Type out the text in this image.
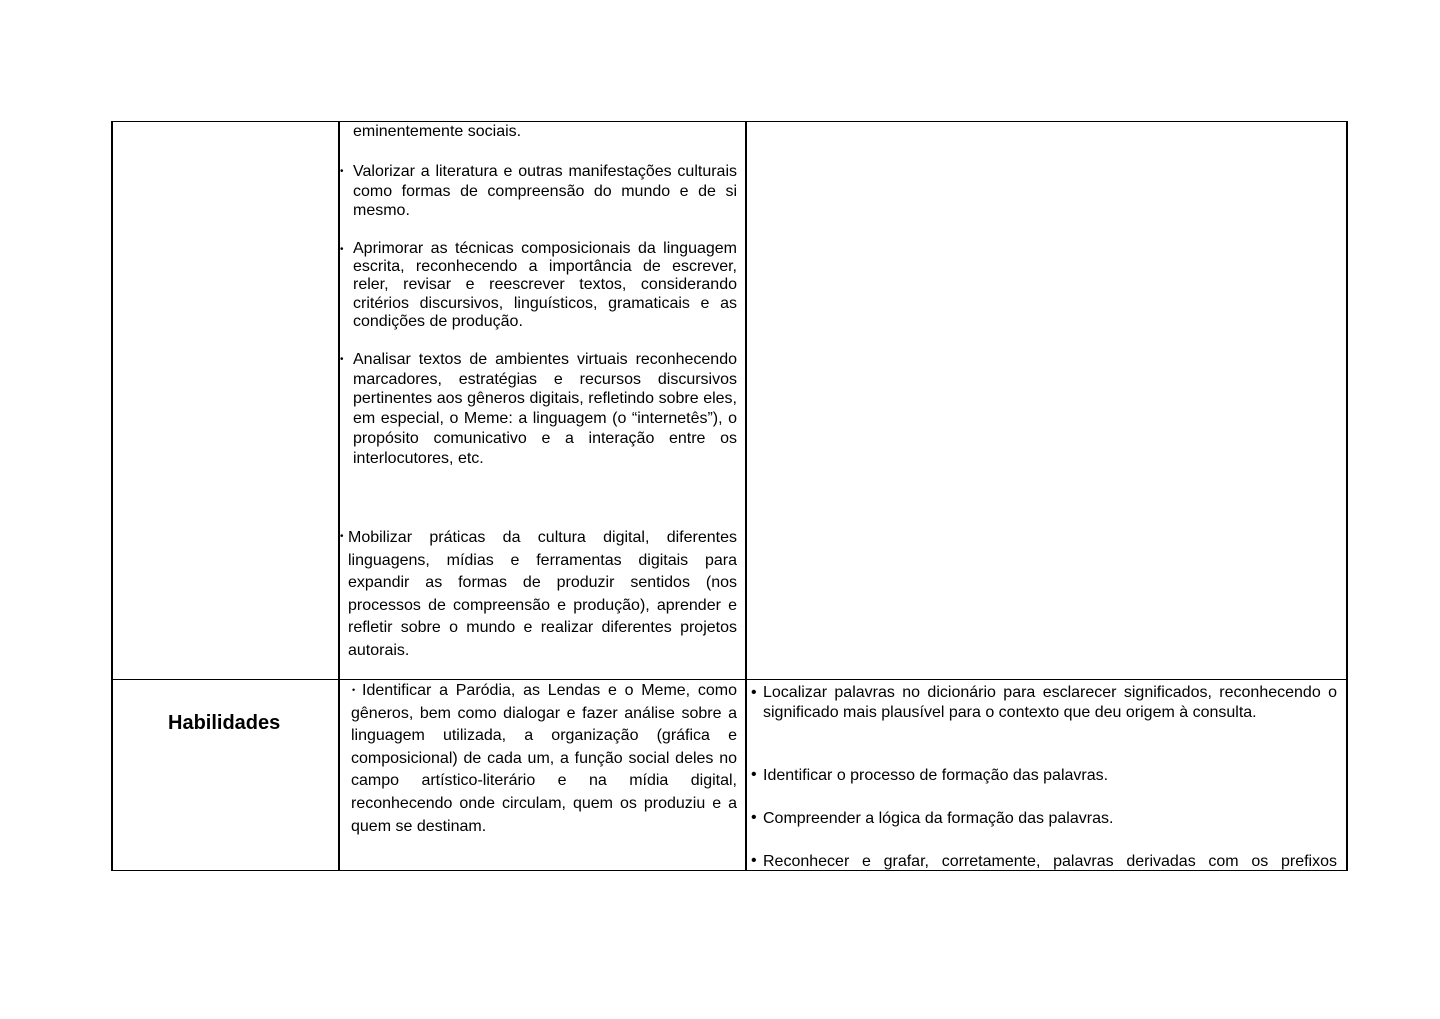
eminentemente sociais.
• Valorizar a literatura e outras manifestações culturais como formas de compreensão do mundo e de si mesmo.
• Aprimorar as técnicas composicionais da linguagem escrita, reconhecendo a importância de escrever, reler, revisar e reescrever textos, considerando critérios discursivos, linguísticos, gramaticais e as condições de produção.
• Analisar textos de ambientes virtuais reconhecendo marcadores, estratégias e recursos discursivos pertinentes aos gêneros digitais, refletindo sobre eles, em especial, o Meme: a linguagem (o “internetês”), o propósito comunicativo e a interação entre os interlocutores, etc.
• Mobilizar práticas da cultura digital, diferentes linguagens, mídias e ferramentas digitais para expandir as formas de produzir sentidos (nos processos de compreensão e produção), aprender e refletir sobre o mundo e realizar diferentes projetos autorais.
Habilidades
• Identificar a Paródia, as Lendas e o Meme, como gêneros, bem como dialogar e fazer análise sobre a linguagem utilizada, a organização (gráfica e composicional) de cada um, a função social deles no campo artístico-literário e na mídia digital, reconhecendo onde circulam, quem os produziu e a quem se destinam.
• Localizar palavras no dicionário para esclarecer significados, reconhecendo o significado mais plausível para o contexto que deu origem à consulta.
• Identificar o processo de formação das palavras.
• Compreender a lógica da formação das palavras.
• Reconhecer e grafar, corretamente, palavras derivadas com os prefixos
